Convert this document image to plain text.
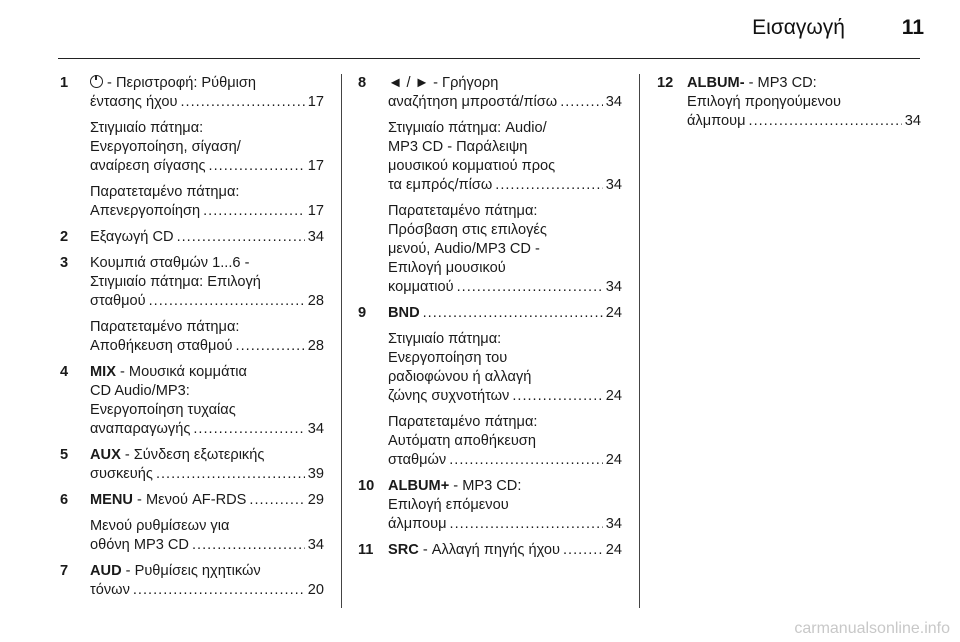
Εισαγωγή	11
1	- Περιστροφή: Ρύθμιση
έντασης ήχου .....	17
Στιγμιαίο πάτημα:
Ενεργοποίηση, σίγαση/
αναίρεση σίγασης .....	17
Παρατεταμένο πάτημα:
Απενεργοποίηση .....	17
2 Εξαγωγή CD .....	34
3 Κουμπιά σταθμών 1...6 -
Στιγμιαίο πάτημα: Επιλογή
σταθμού .....	28
Παρατεταμένο πάτημα:
Αποθήκευση σταθμού .....	28
4 MIX - Μουσικά κομμάτια
CD Audio/MP3:
Ενεργοποίηση τυχαίας
αναπαραγωγής .....	34
5 AUX - Σύνδεση εξωτερικής
συσκευής .....	39
6 MENU - Μενού AF-RDS .....	29
Μενού ρυθμίσεων για
οθόνη MP3 CD .....	34
7 AUD - Ρυθμίσεις ηχητικών
τόνων .....	20
8 ◄ / ► - Γρήγορη
αναζήτηση μπροστά/πίσω .....	34
Στιγμιαίο πάτημα: Audio/
MP3 CD - Παράλειψη
μουσικού κομματιού προς
τα εμπρός/πίσω .....	34
Παρατεταμένο πάτημα:
Πρόσβαση στις επιλογές
μενού, Audio/MP3 CD -
Επιλογή μουσικού
κομματιού .....	34
9 BND .....	24
Στιγμιαίο πάτημα:
Ενεργοποίηση του
ραδιοφώνου ή αλλαγή
ζώνης συχνοτήτων .....	24
Παρατεταμένο πάτημα:
Αυτόματη αποθήκευση
σταθμών .....	24
10 ALBUM+ - MP3 CD:
Επιλογή επόμενου
άλμπουμ .....	34
11 SRC - Αλλαγή πηγής ήχου .....	24
12 ALBUM- - MP3 CD:
Επιλογή προηγούμενου
άλμπουμ .....	34
carmanualsonline.info
